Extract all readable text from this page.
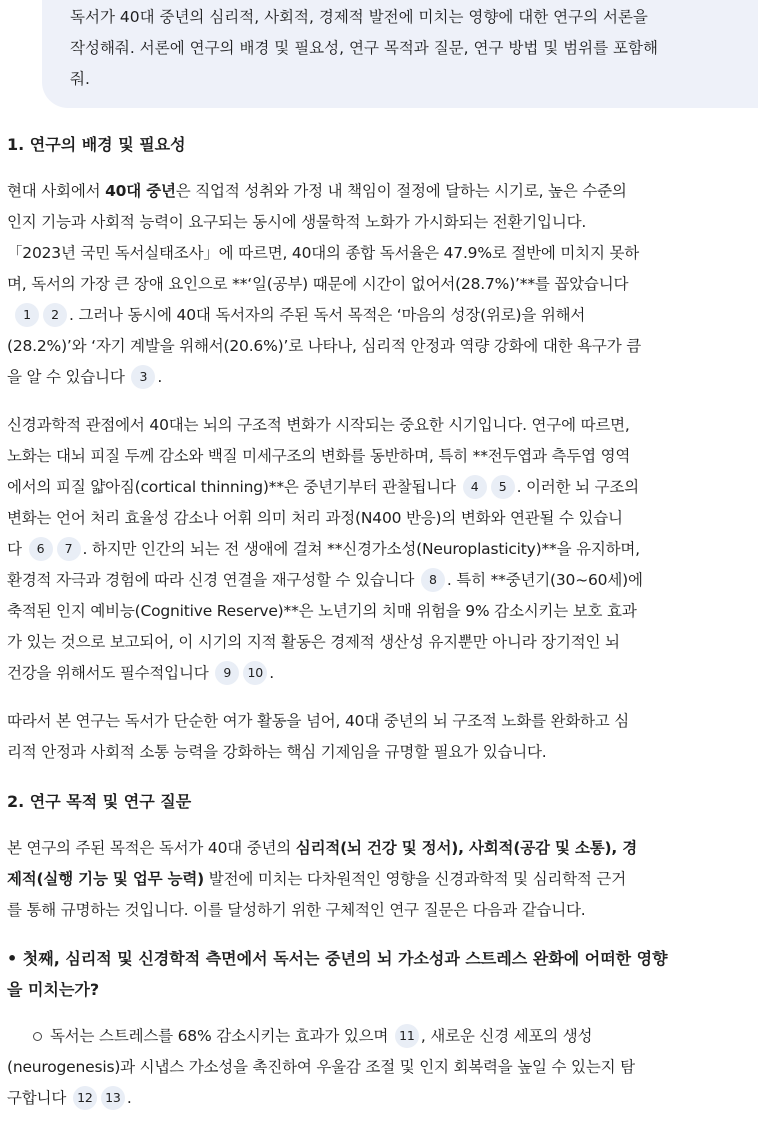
독서가 40대 중년의 심리적, 사회적, 경제적 발전에 미치는 영향에 대한 연구의 서론을
작성해줘. 서론에 연구의 배경 및 필요성, 연구 목적과 질문, 연구 방법 및 범위를 포함해
줘.
1. 연구의 배경 및 필요성
현대 사회에서 40대 중년은 직업적 성취와 가정 내 책임이 절정에 달하는 시기로, 높은 수준의
인지 기능과 사회적 능력이 요구되는 동시에 생물학적 노화가 가시화되는 전환기입니다.
「2023년 국민 독서실태조사」에 따르면, 40대의 종합 독서율은 47.9%로 절반에 미치지 못하
며, 독서의 가장 큰 장애 요인으로 **‘일(공부) 때문에 시간이 없어서(28.7%)’**를 꼽았습니다
1 2 . 그러나 동시에 40대 독서자의 주된 독서 목적은 ‘마음의 성장(위로)을 위해서
(28.2%)’와 ‘자기 계발을 위해서(20.6%)’로 나타나, 심리적 안정과 역량 강화에 대한 욕구가 큼
을 알 수 있습니다 3 .
신경과학적 관점에서 40대는 뇌의 구조적 변화가 시작되는 중요한 시기입니다. 연구에 따르면,
노화는 대뇌 피질 두께 감소와 백질 미세구조의 변화를 동반하며, 특히 **전두엽과 측두엽 영역
에서의 피질 얇아짐(cortical thinning)**은 중년기부터 관찰됩니다 4 5 . 이러한 뇌 구조의
변화는 언어 처리 효율성 감소나 어휘 의미 처리 과정(N400 반응)의 변화와 연관될 수 있습니
다 6 7 . 하지만 인간의 뇌는 전 생애에 걸쳐 **신경가소성(Neuroplasticity)**을 유지하며,
환경적 자극과 경험에 따라 신경 연결을 재구성할 수 있습니다 8 . 특히 **중년기(30~60세)에
축적된 인지 예비능(Cognitive Reserve)**은 노년기의 치매 위험을 9% 감소시키는 보호 효과
가 있는 것으로 보고되어, 이 시기의 지적 활동은 경제적 생산성 유지뿐만 아니라 장기적인 뇌
건강을 위해서도 필수적입니다 9 10 .
따라서 본 연구는 독서가 단순한 여가 활동을 넘어, 40대 중년의 뇌 구조적 노화를 완화하고 심
리적 안정과 사회적 소통 능력을 강화하는 핵심 기제임을 규명할 필요가 있습니다.
2. 연구 목적 및 연구 질문
본 연구의 주된 목적은 독서가 40대 중년의 심리적(뇌 건강 및 정서), 사회적(공감 및 소통), 경
제적(실행 기능 및 업무 능력) 발전에 미치는 다차원적인 영향을 신경과학적 및 심리학적 근거
를 통해 규명하는 것입니다. 이를 달성하기 위한 구체적인 연구 질문은 다음과 같습니다.
• 첫째, 심리적 및 신경학적 측면에서 독서는 중년의 뇌 가소성과 스트레스 완화에 어떠한 영향
을 미치는가?
독서는 스트레스를 68% 감소시키는 효과가 있으며 11 , 새로운 신경 세포의 생성
(neurogenesis)과 시냅스 가소성을 촉진하여 우울감 조절 및 인지 회복력을 높일 수 있는지 탐
구합니다 12 13 .
